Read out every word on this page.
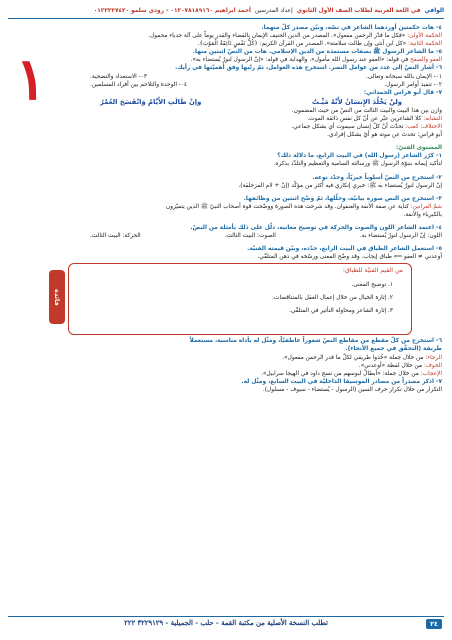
الوافي
في اللغة العربية لطلاب الصف الأول الثانوي
إعداد المدرسين
أحمد ابراهيم ٠١٢٠٧٨١٨٩١٦٠ - رودي سلمو ٠١٢٣٣٣٧٤٢٠
١
٤- هات حكمتين أوردهما الشاعر في نصّه، وبيّن مصدر كلّ منهما.
الحكمة الأولى: «فكل ما قدّر الرحمن مفعول». المصدر من الدين الحنيف الإيمان بالقضاء والقدر يوماً على آلة حدباء محمول.
الحكمة الثانية: «كل ابن أنثى وإن طالت سلامته». المصدر من القرآن الكريم: ﴿كُلُّ نَفْسٍ ذَائِقَةُ الْمَوْتِ﴾.
٥- ما الشاعر الرسول ﷺ بصفات مستمدة من الدين الإسلامي. هات من النصّ اثنتين منها.
العفو والصفح في قوله: «العفو عند رسول الله مأمول». والهداية في قوله: «إنّ الرسول لنورٌ يُستضاء به».
٦- أشار النصّ إلى عدد من عوامل النصر. استخرج هذه العوامل، ثمّ رتّبها وفق أهميّتها في رأيك.
٠١- الإيمان بالله سبحانه وتعالى.
٠٣- الاستعداد والتضحية.
٠٢- تنفيذ أوامر الرسول.
٠٤- الوحدة والتلاحم بين أفراد المسلمين.
٧- قال أبو فراس الحمداني:
ولنْ يَخْلُدَ الإِنسَانُ لأَنَّهُ مَيِّـتٌ
وإنْ طَالَتِ الأَيَّامُ وَانْفَسَحَ العُمْرُ
وازن بين هذا البيت والبيت الثالث من النصّ من حيث المضمون.
التشابه: كلا الشاعرين عبّر عن أنّ كل نفس ذائقة الموت.
الاختلاف: كعب: تحدّث أنّ كلّ إنسان سيموت أي بشكل جماعي.
أبو فراس: تحدث عن موته هو أيْ بشكل إفرادي.
المستوى الفنيّ:
١- كرّر الشاعر (رسول الله) في البيت الرابع، ما دلالة ذلك؟
لتأكيد إيمانه بنبوّة الرسول ﷺ ورسالته السامية والتعظيم والتلذّذ بذكره.
٢- استخرج من النصّ أسلوباً خبريّاً، وحدّد نوعه.
إنّ الرسول لنورٌ يُستضاء به ﷺ: خبري إنكاري فيه أكثر من مؤكّد (إنّ + لام المزحلقة).
٣- استخرج من النص صورة بيانيّة، وحلّلها، ثمّ وضّح اثنتين من وظائفها.
شمّ العرانين: كناية عن صفة الأنفة والعنفوان. وقد شرحت هذه الصورة ووضّحت قوة أصحاب النبيّ ﷺ الذين يتميّزون
بالكبرياء والأنفة.
٤- اعتمد الشاعر اللون والصوت والحركة في توضيح معانيه، دلّل على ذلك بأمثلة من النصّ.
اللون: إنّ الرسول لنورٌ يُستضاء به.
الصوت: البيت الثالث.
الحركة: البيت الثالث.
٥- استعمل الشاعر الطباق في البيت الرابع، حدّده، وبيّن قيمته الفنيّة.
أوعدني ≠ العفو ⟸ طباق إيجاب. وقد وضّح المعنى ورسّخه في ذهن المتلقّي.
من القيم الفنيّة للطباق:
١. توضيح المعنى.
٢. إثارة الخيال من خلال إعمال العقل بالمتناقضات.
٣. إثارة الشاعر ومحاولة التأثير في المتلقّي.
فائدة
٦- استخرج من كلّ مقطع من مقاطع النصّ شعوراً عاطفيّاً، ومثّل له بأداة مناسبة، مستعملاً
طريقة (التحقّق في جميع الأنحاء).
الرجاء: من خلال جملة «خُذوا طريقي لكلّ ما قدر الرحمن مفعول».
الخوف: من خلال لفظة «أوعدني».
الإعجاب: من خلال جملة: «أبطالٌ لبوسهم من نسج داود في الهيجا سرابيل».
٧- اذكر مصدراً من مصادر الموسيقا الداخليّة في البيت السابع، ومثّل له.
التكرار من خلال تكرار حرف السين (الرسول - يُستضاء - سيوف - مسلول).
٢٤
تطلب النسخة الأصلية من مكتبة القمة - حلب - الجميلية - ٣٢٢٩١٢٩ ٢٢٢
